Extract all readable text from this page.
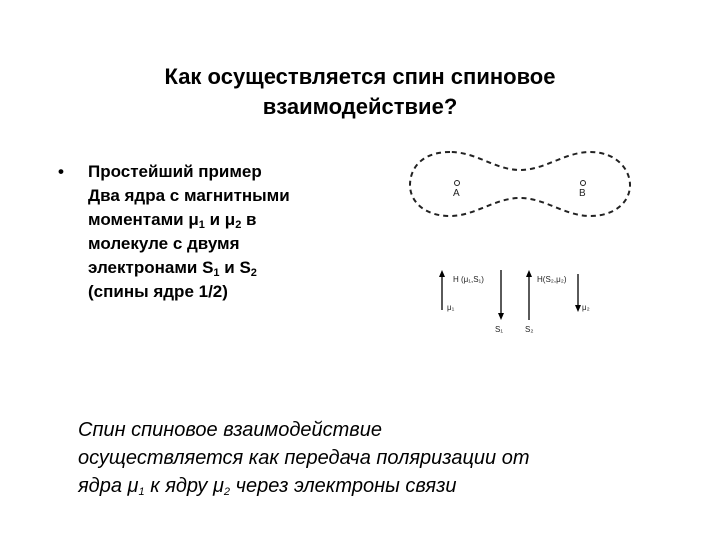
Как осуществляется спин спиновое
взаимодействие?
• Простейший пример
Два ядра с магнитными
моментами $\mu_1$ и $\mu_2$ в
молекуле с двумя
электронами $S_1$ и $S_2$
(спины ядре 1/2)
A	B
H (μ₁,S₁)	H(S₂,μ₂)
μ₁	μ₂
S₁	S₂
Спин спиновое взаимодействие
осуществляется как передача поляризации от
ядра $\mu_1$ к ядру $\mu_2$ через электроны связи
